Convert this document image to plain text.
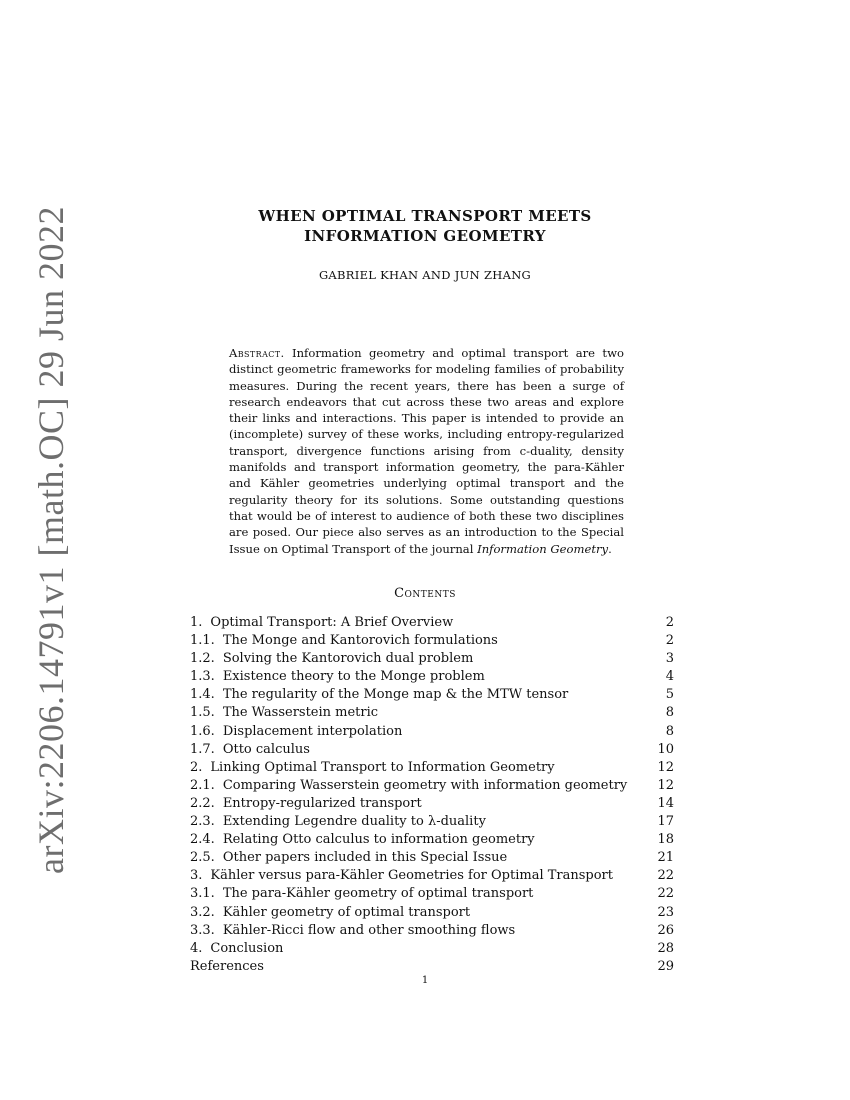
arXiv:2206.14791v1 [math.OC] 29 Jun 2022	WHEN OPTIMAL TRANSPORT MEETS
INFORMATION GEOMETRY
GABRIEL KHAN AND JUN ZHANG
Abstract. Information geometry and optimal transport are two distinct geometric frameworks for modeling families of probability measures. During the recent years, there has been a surge of research endeavors that cut across these two areas and explore their links and interactions. This paper is intended to provide an (incomplete) survey of these works, including entropy-regularized transport, divergence functions arising from c-duality, density manifolds and transport information geometry, the para-Kähler and Kähler geometries underlying optimal transport and the regularity theory for its solutions. Some outstanding questions that would be of interest to audience of both these two disciplines are posed. Our piece also serves as an introduction to the Special Issue on Optimal Transport of the journal Information Geometry.
Contents
1. Optimal Transport: A Brief Overview	2
1.1. The Monge and Kantorovich formulations	2
1.2. Solving the Kantorovich dual problem	3
1.3. Existence theory to the Monge problem	4
1.4. The regularity of the Monge map & the MTW tensor	5
1.5. The Wasserstein metric	8
1.6. Displacement interpolation	8
1.7. Otto calculus	10
2. Linking Optimal Transport to Information Geometry	12
2.1. Comparing Wasserstein geometry with information geometry 12
2.2. Entropy-regularized transport	14
2.3. Extending Legendre duality to λ-duality	17
2.4. Relating Otto calculus to information geometry	18
2.5. Other papers included in this Special Issue	21
3. Kähler versus para-Kähler Geometries for Optimal Transport	22
3.1. The para-Kähler geometry of optimal transport	22
3.2. Kähler geometry of optimal transport	23
3.3. Kähler-Ricci flow and other smoothing flows	26
4. Conclusion	28
References	29
1
